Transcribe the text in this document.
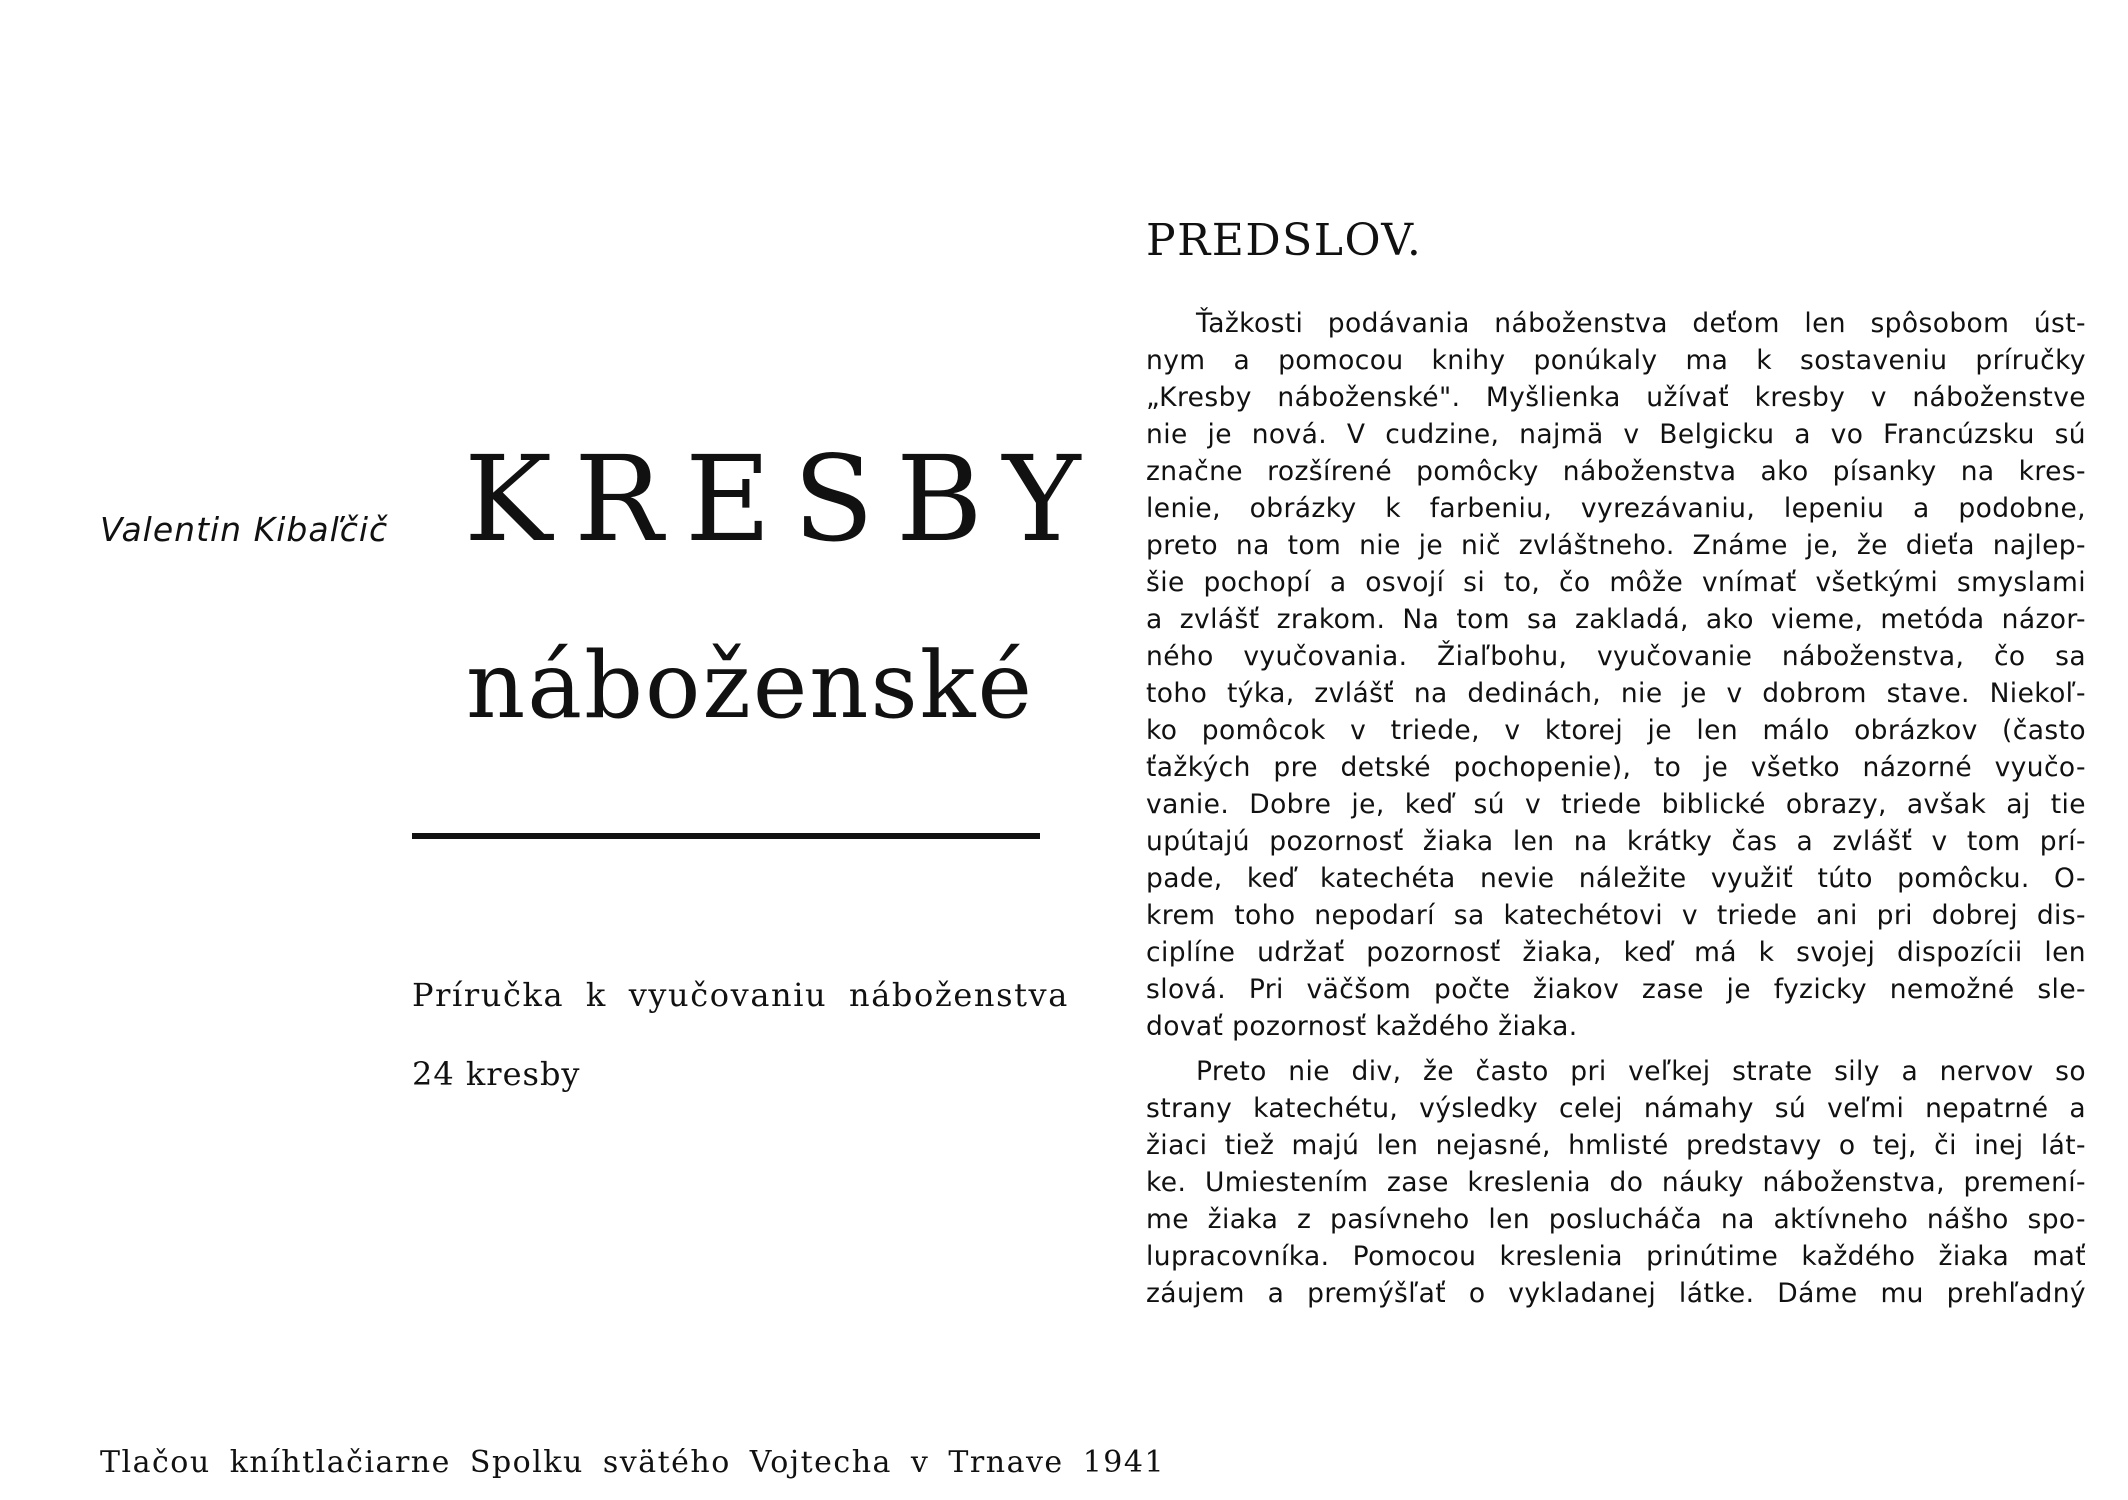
Valentin Kibaľčič KRESBY
náboženské
Príručka k vyučovaniu náboženstva
24 kresby
Tlačou kníhtlačiarne Spolku svätého Vojtecha v Trnave 1941
PREDSLOV.
Ťažkosti podávania náboženstva deťom len spôsobom úst-
nym a pomocou knihy ponúkaly ma k sostaveniu príručky
„Kresby náboženské". Myšlienka užívať kresby v náboženstve
nie je nová. V cudzine, najmä v Belgicku a vo Francúzsku sú
značne rozšírené pomôcky náboženstva ako písanky na kres-
lenie, obrázky k farbeniu, vyrezávaniu, lepeniu a podobne,
preto na tom nie je nič zvláštneho. Známe je, že dieťa najlep-
šie pochopí a osvojí si to, čo môže vnímať všetkými smyslami
a zvlášť zrakom. Na tom sa zakladá, ako vieme, metóda názor-
ného vyučovania. Žiaľbohu, vyučovanie náboženstva, čo sa
toho týka, zvlášť na dedinách, nie je v dobrom stave. Niekoľ-
ko pomôcok v triede, v ktorej je len málo obrázkov (často
ťažkých pre detské pochopenie), to je všetko názorné vyučo-
vanie. Dobre je, keď sú v triede biblické obrazy, avšak aj tie
upútajú pozornosť žiaka len na krátky čas a zvlášť v tom prí-
pade, keď katechéta nevie náležite využiť túto pomôcku. O-
krem toho nepodarí sa katechétovi v triede ani pri dobrej dis-
ciplíne udržať pozornosť žiaka, keď má k svojej dispozícii len
slová. Pri väčšom počte žiakov zase je fyzicky nemožné sle-
dovať pozornosť každého žiaka.
Preto nie div, že často pri veľkej strate sily a nervov so
strany katechétu, výsledky celej námahy sú veľmi nepatrné a
žiaci tiež majú len nejasné, hmlisté predstavy o tej, či inej lát-
ke. Umiestením zase kreslenia do náuky náboženstva, premení-
me žiaka z pasívneho len poslucháča na aktívneho nášho spo-
lupracovníka. Pomocou kreslenia prinútime každého žiaka mať
záujem a premýšľať o vykladanej látke. Dáme mu prehľadný
